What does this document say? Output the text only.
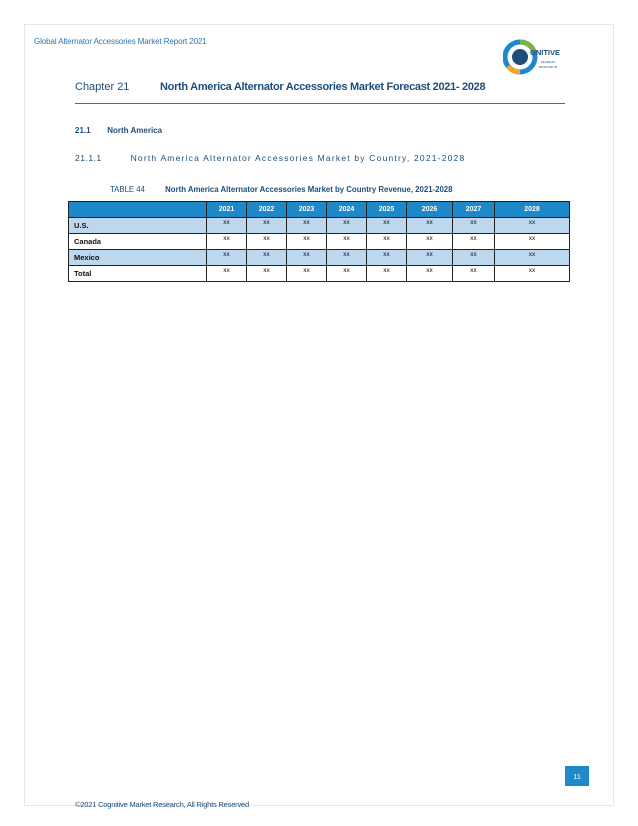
Global Alternator Accessories Market Report 2021
GNITIVE
MARKET
RESEARCH
Chapter 21	North America Alternator Accessories Market Forecast 2021- 2028
21.1 North America
21.1.1	North America Alternator Accessories Market by Country, 2021-2028
TABLE 44	North America Alternator Accessories Market by Country Revenue, 2021-2028
	2021	2022	2023	2024	2025	2026	2027	2028
U.S.	xx	xx	xx	xx	xx	xx	xx	xx
Canada	xx	xx	xx	xx	xx	xx	xx	xx
Mexico	xx	xx	xx	xx	xx	xx	xx	xx
Total	xx	xx	xx	xx	xx	xx	xx	xx
11
©2021 Cognitive Market Research, All Rights Reserved
